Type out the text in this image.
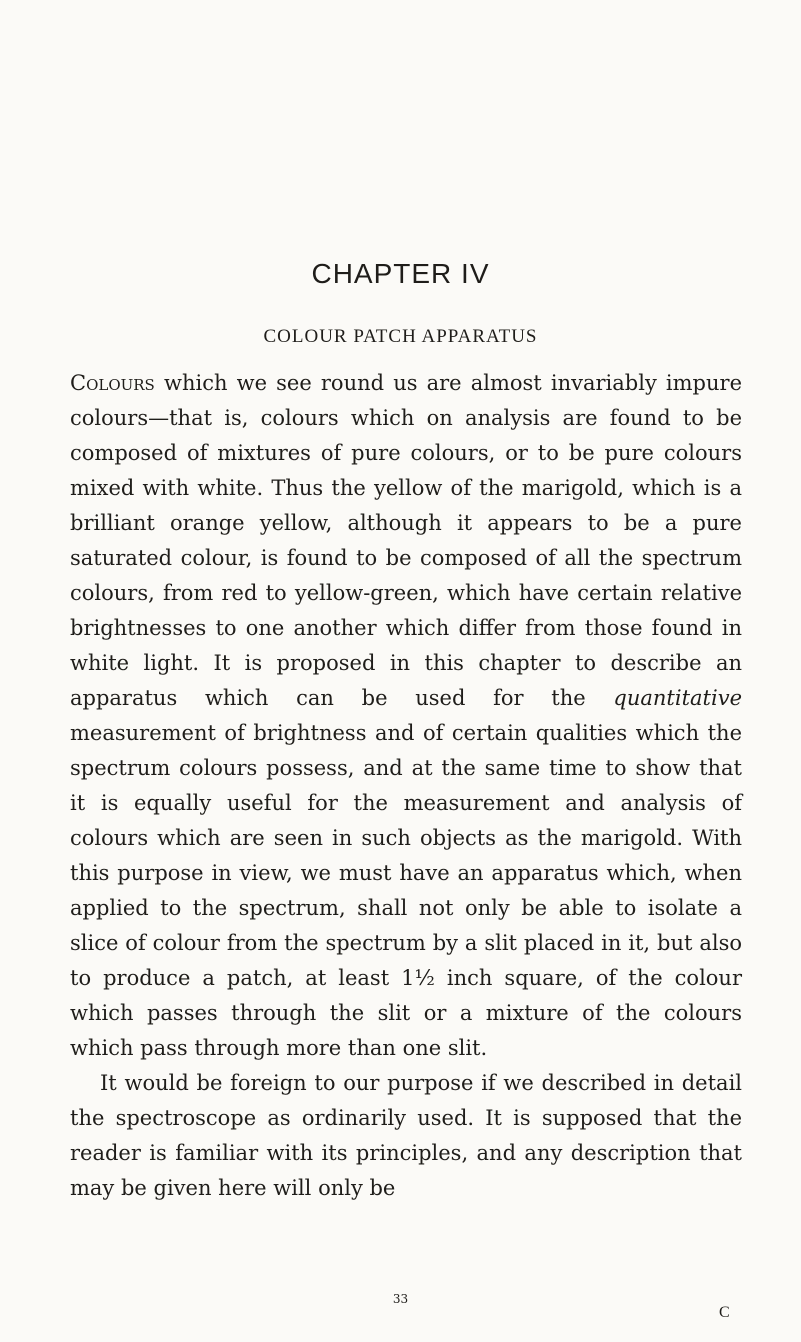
CHAPTER IV
COLOUR PATCH APPARATUS

Colours which we see round us are almost invariably impure colours—that is, colours which on analysis are found to be composed of mixtures of pure colours, or to be pure colours mixed with white. Thus the yellow of the marigold, which is a brilliant orange yellow, although it appears to be a pure saturated colour, is found to be composed of all the spectrum colours, from red to yellow-green, which have certain relative brightnesses to one another which differ from those found in white light. It is proposed in this chapter to describe an apparatus which can be used for the quantitative measurement of brightness and of certain qualities which the spectrum colours possess, and at the same time to show that it is equally useful for the measurement and analysis of colours which are seen in such objects as the marigold. With this purpose in view, we must have an apparatus which, when applied to the spectrum, shall not only be able to isolate a slice of colour from the spectrum by a slit placed in it, but also to produce a patch, at least 1½ inch square, of the colour which passes through the slit or a mixture of the colours which pass through more than one slit.

It would be foreign to our purpose if we described in detail the spectroscope as ordinarily used. It is supposed that the reader is familiar with its principles, and any description that may be given here will only be

33
C
